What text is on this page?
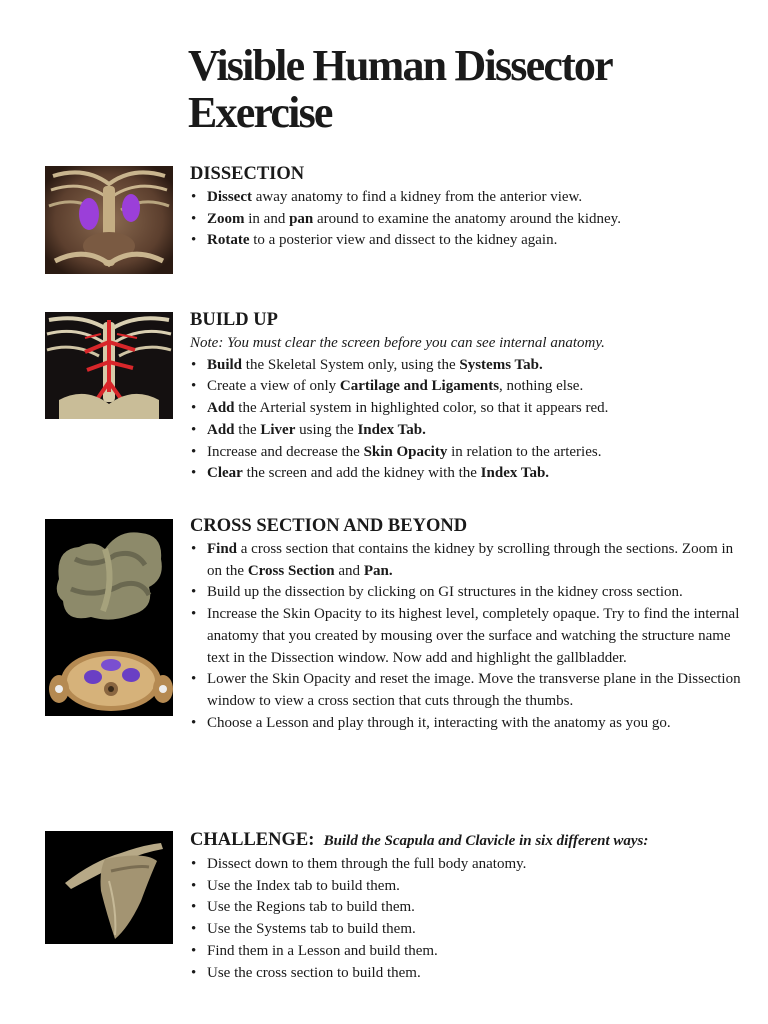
Visible Human Dissector Exercise
DISSECTION
• Dissect away anatomy to find a kidney from the anterior view.
• Zoom in and pan around to examine the anatomy around the kidney.
• Rotate to a posterior view and dissect to the kidney again.
BUILD UP
Note: You must clear the screen before you can see internal anatomy.
• Build the Skeletal System only, using the Systems Tab.
• Create a view of only Cartilage and Ligaments, nothing else.
• Add the Arterial system in highlighted color, so that it appears red.
• Add the Liver using the Index Tab.
• Increase and decrease the Skin Opacity in relation to the arteries.
• Clear the screen and add the kidney with the Index Tab.
CROSS SECTION AND BEYOND
• Find a cross section that contains the kidney by scrolling through the sections. Zoom in on the Cross Section and Pan.
• Build up the dissection by clicking on GI structures in the kidney cross section.
• Increase the Skin Opacity to its highest level, completely opaque. Try to find the internal anatomy that you created by mousing over the surface and watching the structure name text in the Dissection window. Now add and highlight the gallbladder.
• Lower the Skin Opacity and reset the image. Move the transverse plane in the Dissection window to view a cross section that cuts through the thumbs.
• Choose a Lesson and play through it, interacting with the anatomy as you go.
CHALLENGE: Build the Scapula and Clavicle in six different ways:
• Dissect down to them through the full body anatomy.
• Use the Index tab to build them.
• Use the Regions tab to build them.
• Use the Systems tab to build them.
• Find them in a Lesson and build them.
• Use the cross section to build them.
